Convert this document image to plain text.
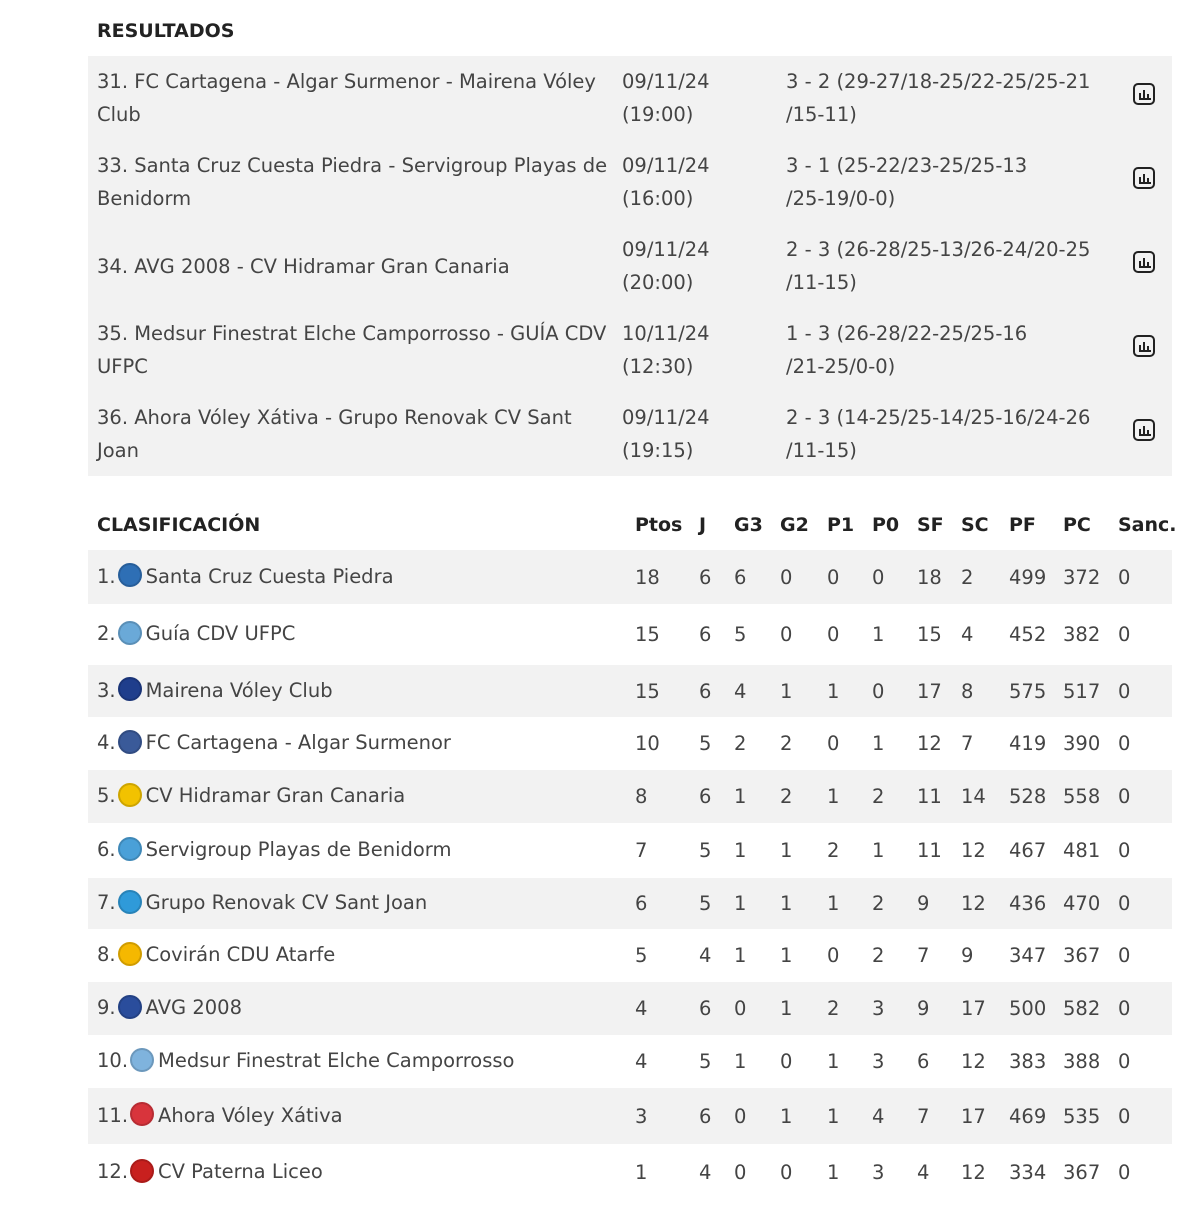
RESULTADOS
31. FC Cartagena - Algar Surmenor - Mairena Vóley Club	09/11/24
(19:00)	3 - 2 (29-27/18-25/22-25/25-21
/15-11)	

33. Santa Cruz Cuesta Piedra - Servigroup Playas de Benidorm	09/11/24
(16:00)	3 - 1 (25-22/23-25/25-13
/25-19/0-0)	

34. AVG 2008 - CV Hidramar Gran Canaria	09/11/24
(20:00)	2 - 3 (26-28/25-13/26-24/20-25
/11-15)	

35. Medsur Finestrat Elche Camporrosso - GUÍA CDV UFPC	10/11/24
(12:30)	1 - 3 (26-28/22-25/25-16
/21-25/0-0)	

36. Ahora Vóley Xátiva - Grupo Renovak CV Sant Joan	09/11/24
(19:15)	2 - 3 (14-25/25-14/25-16/24-26
/11-15)	
CLASIFICACIÓN	Ptos	J	G3	G2	P1	P0	SF	SC	PF	PC	Sanc.
1. Santa Cruz Cuesta Piedra	18	6	6	0	0	0	18	2	499	372	0
2. Guía CDV UFPC	15	6	5	0	0	1	15	4	452	382	0
3. Mairena Vóley Club	15	6	4	1	1	0	17	8	575	517	0
4. FC Cartagena - Algar Surmenor	10	5	2	2	0	1	12	7	419	390	0
5. CV Hidramar Gran Canaria	8	6	1	2	1	2	11	14	528	558	0
6. Servigroup Playas de Benidorm	7	5	1	1	2	1	11	12	467	481	0
7. Grupo Renovak CV Sant Joan	6	5	1	1	1	2	9	12	436	470	0
8. Covirán CDU Atarfe	5	4	1	1	0	2	7	9	347	367	0
9. AVG 2008	4	6	0	1	2	3	9	17	500	582	0
10. Medsur Finestrat Elche Camporrosso	4	5	1	0	1	3	6	12	383	388	0
11. Ahora Vóley Xátiva	3	6	0	1	1	4	7	17	469	535	0
12. CV Paterna Liceo	1	4	0	0	1	3	4	12	334	367	0
